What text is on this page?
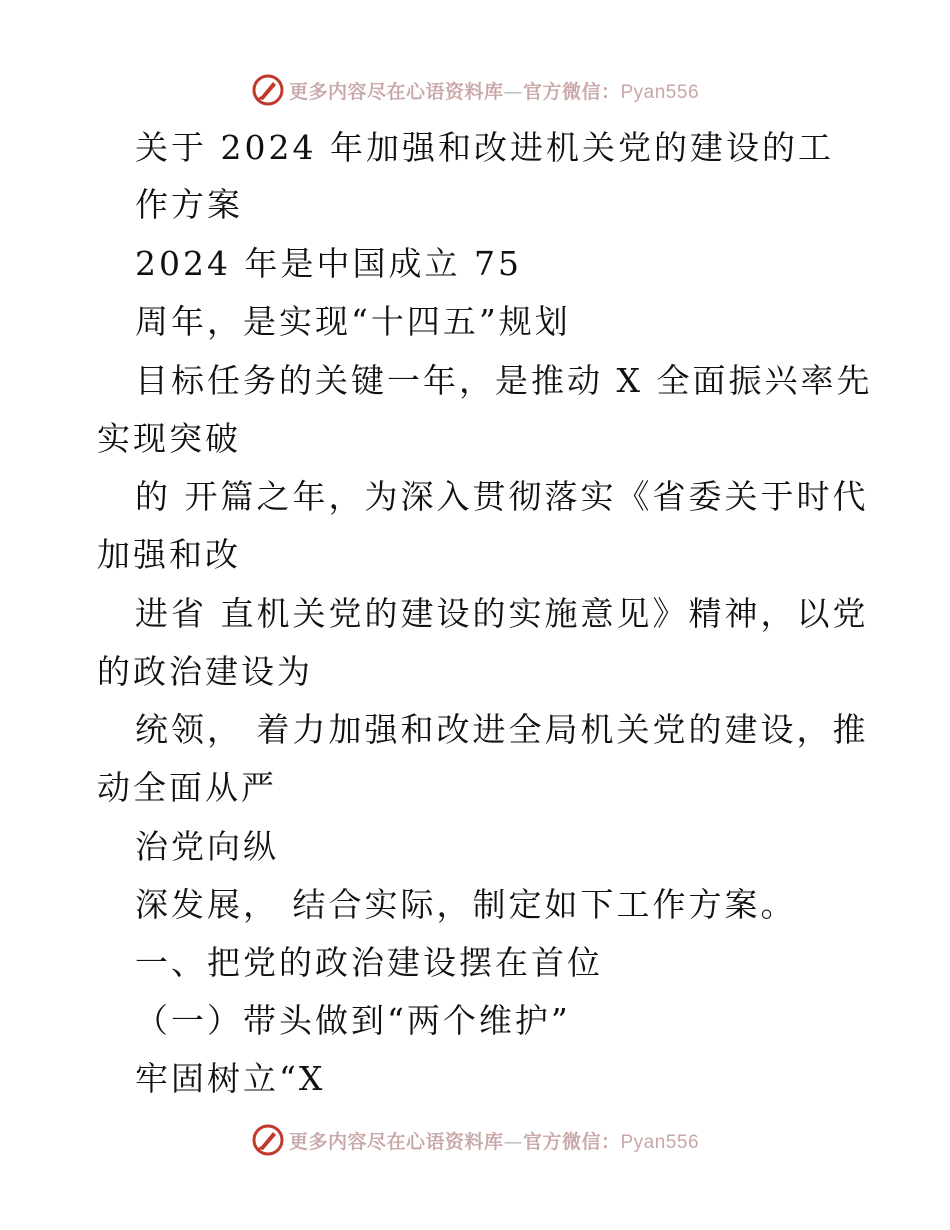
更多内容尽在心语资料库—官方微信：Pyan556
关于 2024 年加强和改进机关党的建设的工
作方案
2024 年是中国成立 75
周年，是实现“十四五”规划
目标任务的关键一年，是推动 X 全面振兴率先
实现突破
的 开篇之年，为深入贯彻落实《省委关于时代
加强和改
进省 直机关党的建设的实施意见》精神，以党
的政治建设为
统领， 着力加强和改进全局机关党的建设，推
动全面从严
治党向纵
深发展， 结合实际，制定如下工作方案。
一、把党的政治建设摆在首位
（一）带头做到“两个维护”
牢固树立“X
更多内容尽在心语资料库—官方微信：Pyan556
